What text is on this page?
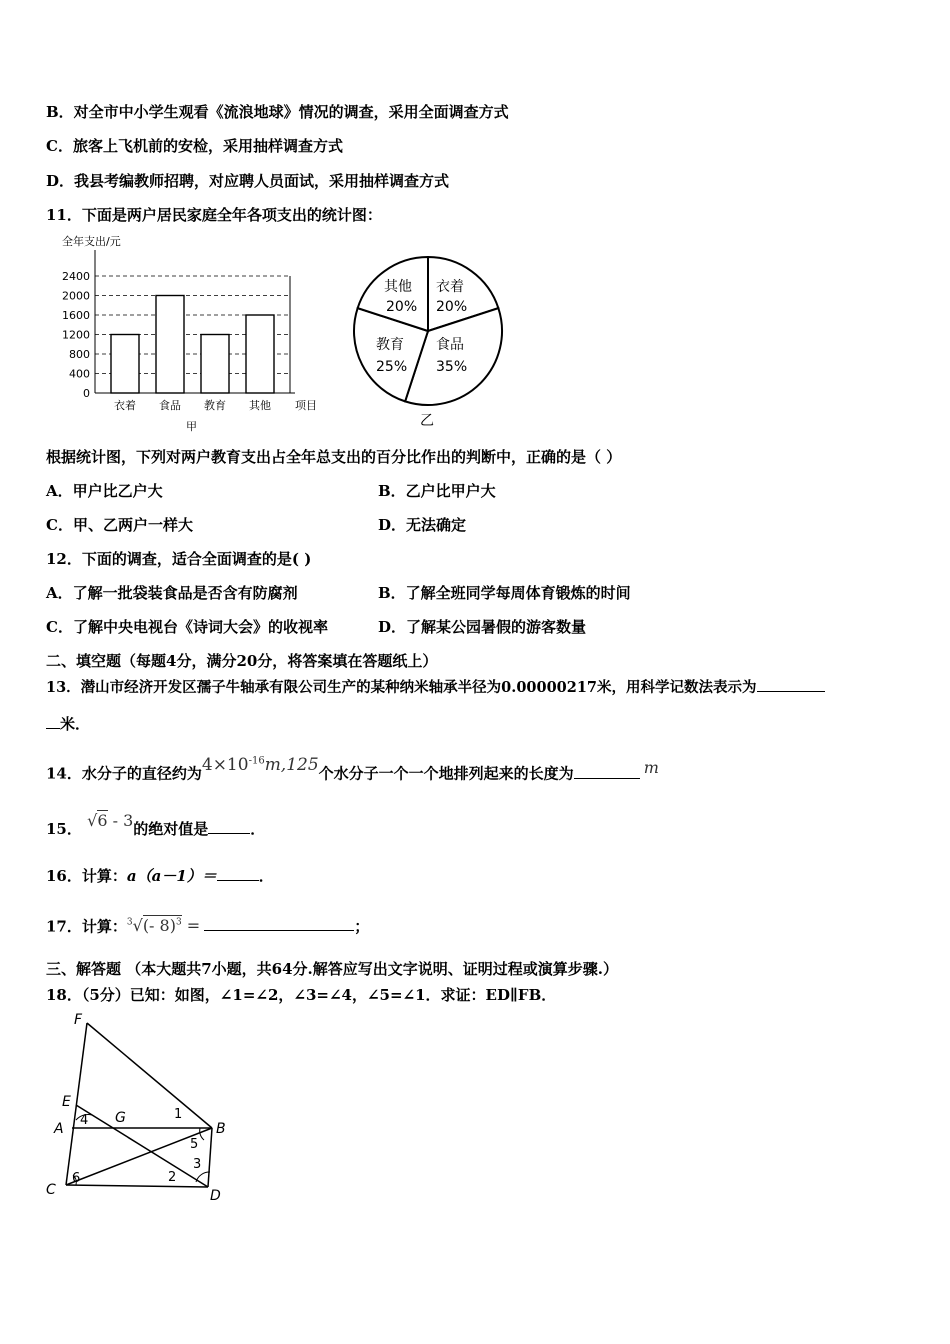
B．对全市中小学生观看《流浪地球》情况的调查，采用全面调查方式
C．旅客上飞机前的安检，采用抽样调查方式
D．我县考编教师招聘，对应聘人员面试，采用抽样调查方式
11．下面是两户居民家庭全年各项支出的统计图：
全年支出/元
0
400
800
1200
1600
2000
2400
衣着 食品 教育 其他 项目
甲
其他
20%
衣着
20%
教育
25%
食品
35%
乙
根据统计图，下列对两户教育支出占全年总支出的百分比作出的判断中，正确的是（ ）
A．甲户比乙户大	B．乙户比甲户大
C．甲、乙两户一样大	D．无法确定
12．下面的调查，适合全面调查的是( )
A．了解一批袋装食品是否含有防腐剂	B．了解全班同学每周体育锻炼的时间
C．了解中央电视台《诗词大会》的收视率	D．了解某公园暑假的游客数量
二、填空题（每题4分，满分20分，将答案填在答题纸上）
13．潜山市经济开发区孺子牛轴承有限公司生产的某种纳米轴承半径为0.00000217米，用科学记数法表示为
米．
14．水分子的直径约为$4\times 10^{-16}m,125$个水分子一个一个地排列起来的长度为	m
15． √6 - 3的绝对值是	．
16．计算：a（a－1）＝	．
17．计算：$^3$√(- 8)$^3$ =	；
三、解答题 （本大题共7小题，共64分.解答应写出文字说明、证明过程或演算步骤.）
18．（5分）已知：如图，∠1=∠2，∠3=∠4，∠5=∠1．求证：ED∥FB．
F
E
A
C
G
B
D
1
2
3
4
5
6
